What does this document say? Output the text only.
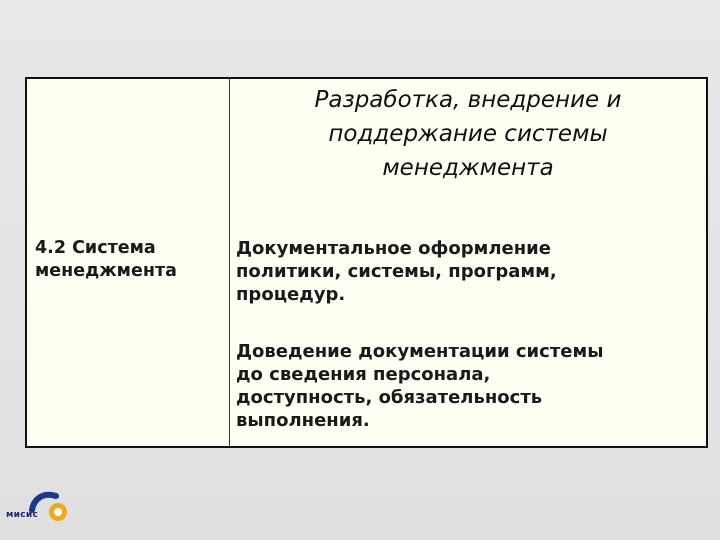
Разработка, внедрение и
поддержание системы
менеджмента
4.2 Система
менеджмента
Документальное оформление
политики, системы, программ,
процедур.
Доведение документации системы
до сведения персонала,
доступность, обязательность
выполнения.
мисис
